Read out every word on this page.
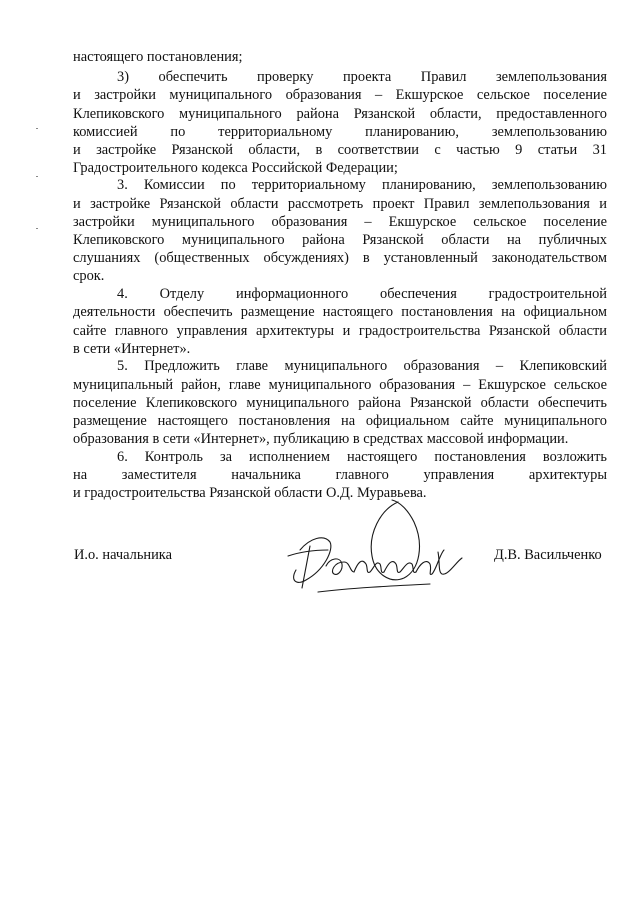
настоящего постановления;
3) обеспечить проверку проекта Правил землепользования
и застройки муниципального образования – Екшурское сельское поселение
Клепиковского муниципального района Рязанской области, предоставленного
комиссией по территориальному планированию, землепользованию
и застройке Рязанской области, в соответствии с частью 9 статьи 31
Градостроительного кодекса Российской Федерации;
3. Комиссии по территориальному планированию, землепользованию
и застройке Рязанской области рассмотреть проект Правил землепользования и
застройки муниципального образования – Екшурское сельское поселение
Клепиковского муниципального района Рязанской области на публичных
слушаниях (общественных обсуждениях) в установленный законодательством
срок.
4. Отделу информационного обеспечения градостроительной
деятельности обеспечить размещение настоящего постановления на официальном
сайте главного управления архитектуры и градостроительства Рязанской области
в сети «Интернет».
5. Предложить главе муниципального образования – Клепиковский
муниципальный район, главе муниципального образования – Екшурское сельское
поселение Клепиковского муниципального района Рязанской области обеспечить
размещение настоящего постановления на официальном сайте муниципального
образования в сети «Интернет», публикацию в средствах массовой информации.
6. Контроль за исполнением настоящего постановления возложить
на заместителя начальника главного управления архитектуры
и градостроительства Рязанской области О.Д. Муравьева.
И.о. начальника	Д.В. Васильченко
